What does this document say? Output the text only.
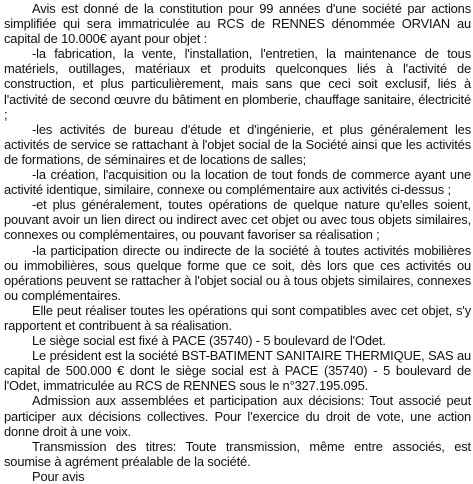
Avis est donné de la constitution pour 99 années d'une société par actions simplifiée qui sera immatriculée au RCS de RENNES dénommée ORVIAN au capital de 10.000€ ayant pour objet :

-la fabrication, la vente, l'installation, l'entretien, la maintenance de tous matériels, outillages, matériaux et produits quelconques liés à l'activité de construction, et plus particulièrement, mais sans que ceci soit exclusif, liés à l'activité de second œuvre du bâtiment en plomberie, chauffage sanitaire, électricité ;

-les activités de bureau d'étude et d'ingénierie, et plus généralement les activités de service se rattachant à l'objet social de la Société ainsi que les activités de formations, de séminaires et de locations de salles;

-la création, l'acquisition ou la location de tout fonds de commerce ayant une activité identique, similaire, connexe ou complémentaire aux activités ci-dessus ;

-et plus généralement, toutes opérations de quelque nature qu'elles soient, pouvant avoir un lien direct ou indirect avec cet objet ou avec tous objets similaires, connexes ou complémentaires, ou pouvant favoriser sa réalisation ;

-la participation directe ou indirecte de la société à toutes activités mobilières ou immobilières, sous quelque forme que ce soit, dès lors que ces activités ou opérations peuvent se rattacher à l'objet social ou à tous objets similaires, connexes ou complémentaires.

Elle peut réaliser toutes les opérations qui sont compatibles avec cet objet, s'y rapportent et contribuent à sa réalisation.

Le siège social est fixé à PACE (35740) - 5 boulevard de l'Odet.

Le président est la société BST-BATIMENT SANITAIRE THERMIQUE, SAS au capital de 500.000 € dont le siège social est à PACE (35740) - 5 boulevard de l'Odet, immatriculée au RCS de RENNES sous le n°327.195.095.

Admission aux assemblées et participation aux décisions: Tout associé peut participer aux décisions collectives. Pour l'exercice du droit de vote, une action donne droit à une voix.

Transmission des titres: Toute transmission, même entre associés, est soumise à agrément préalable de la société.

Pour avis
